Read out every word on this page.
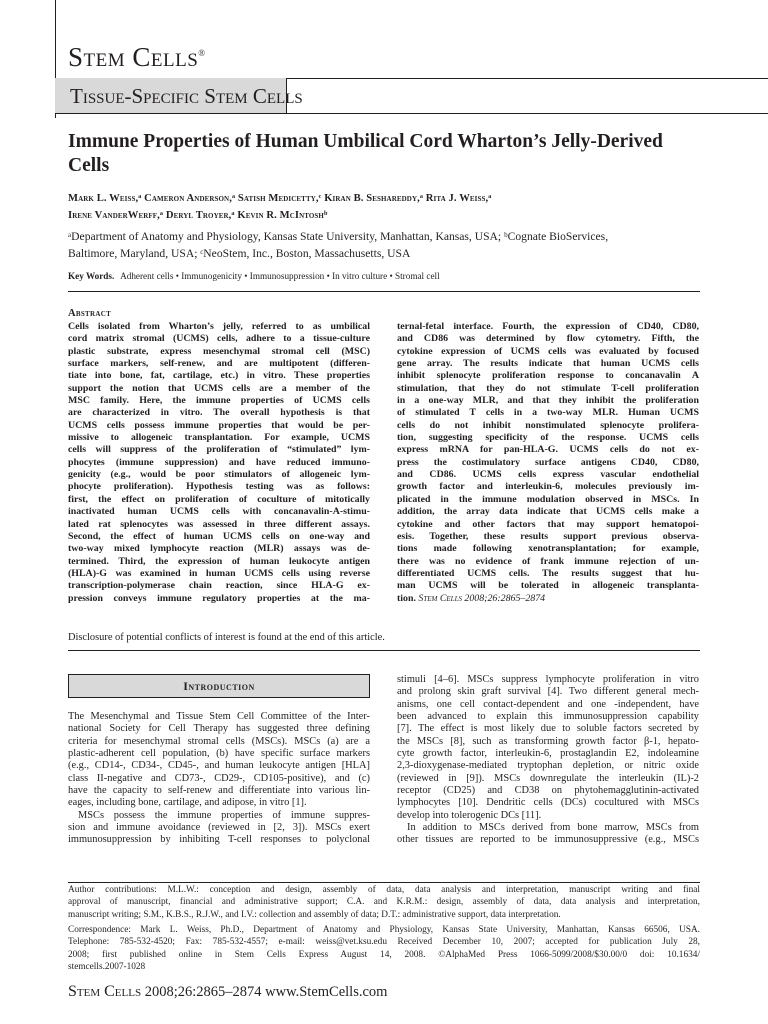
Stem Cells®
Tissue-Specific Stem Cells
Immune Properties of Human Umbilical Cord Wharton’s Jelly-Derived Cells
Mark L. Weiss,ᵃ Cameron Anderson,ᵃ Satish Medicetty,ᶜ Kiran B. Seshareddy,ᵃ Rita J. Weiss,ᵃ
Irene VanderWerff,ᵃ Deryl Troyer,ᵃ Kevin R. McIntoshᵇ
ᵃDepartment of Anatomy and Physiology, Kansas State University, Manhattan, Kansas, USA; ᵇCognate BioServices,
Baltimore, Maryland, USA; ᶜNeoStem, Inc., Boston, Massachusetts, USA
Key Words. Adherent cells • Immunogenicity • Immunosuppression • In vitro culture • Stromal cell
Abstract
Cells isolated from Wharton’s jelly, referred to as umbilical
cord matrix stromal (UCMS) cells, adhere to a tissue-culture
plastic substrate, express mesenchymal stromal cell (MSC)
surface markers, self-renew, and are multipotent (differen-
tiate into bone, fat, cartilage, etc.) in vitro. These properties
support the notion that UCMS cells are a member of the
MSC family. Here, the immune properties of UCMS cells
are characterized in vitro. The overall hypothesis is that
UCMS cells possess immune properties that would be per-
missive to allogeneic transplantation. For example, UCMS
cells will suppress of the proliferation of “stimulated” lym-
phocytes (immune suppression) and have reduced immuno-
genicity (e.g., would be poor stimulators of allogeneic lym-
phocyte proliferation). Hypothesis testing was as follows:
first, the effect on proliferation of coculture of mitotically
inactivated human UCMS cells with concanavalin-A-stimu-
lated rat splenocytes was assessed in three different assays.
Second, the effect of human UCMS cells on one-way and
two-way mixed lymphocyte reaction (MLR) assays was de-
termined. Third, the expression of human leukocyte antigen
(HLA)-G was examined in human UCMS cells using reverse
transcription-polymerase chain reaction, since HLA-G ex-
pression conveys immune regulatory properties at the ma-
ternal-fetal interface. Fourth, the expression of CD40, CD80,
and CD86 was determined by flow cytometry. Fifth, the
cytokine expression of UCMS cells was evaluated by focused
gene array. The results indicate that human UCMS cells
inhibit splenocyte proliferation response to concanavalin A
stimulation, that they do not stimulate T-cell proliferation
in a one-way MLR, and that they inhibit the proliferation
of stimulated T cells in a two-way MLR. Human UCMS
cells do not inhibit nonstimulated splenocyte prolifera-
tion, suggesting specificity of the response. UCMS cells
express mRNA for pan-HLA-G. UCMS cells do not ex-
press the costimulatory surface antigens CD40, CD80,
and CD86. UCMS cells express vascular endothelial
growth factor and interleukin-6, molecules previously im-
plicated in the immune modulation observed in MSCs. In
addition, the array data indicate that UCMS cells make a
cytokine and other factors that may support hematopoi-
esis. Together, these results support previous observa-
tions made following xenotransplantation; for example,
there was no evidence of frank immune rejection of un-
differentiated UCMS cells. The results suggest that hu-
man UCMS will be tolerated in allogeneic transplanta-
tion. Stem Cells 2008;26:2865–2874
Disclosure of potential conflicts of interest is found at the end of this article.
Introduction
The Mesenchymal and Tissue Stem Cell Committee of the Inter-
national Society for Cell Therapy has suggested three defining
criteria for mesenchymal stromal cells (MSCs). MSCs (a) are a
plastic-adherent cell population, (b) have specific surface markers
(e.g., CD14-, CD34-, CD45-, and human leukocyte antigen [HLA]
class II-negative and CD73-, CD29-, CD105-positive), and (c)
have the capacity to self-renew and differentiate into various lin-
eages, including bone, cartilage, and adipose, in vitro [1].
MSCs possess the immune properties of immune suppres-
sion and immune avoidance (reviewed in [2, 3]). MSCs exert
immunosuppression by inhibiting T-cell responses to polyclonal
stimuli [4–6]. MSCs suppress lymphocyte proliferation in vitro
and prolong skin graft survival [4]. Two different general mech-
anisms, one cell contact-dependent and one -independent, have
been advanced to explain this immunosuppression capability
[7]. The effect is most likely due to soluble factors secreted by
the MSCs [8], such as transforming growth factor β-1, hepato-
cyte growth factor, interleukin-6, prostaglandin E2, indoleamine
2,3-dioxygenase-mediated tryptophan depletion, or nitric oxide
(reviewed in [9]). MSCs downregulate the interleukin (IL)-2
receptor (CD25) and CD38 on phytohemagglutinin-activated
lymphocytes [10]. Dendritic cells (DCs) cocultured with MSCs
develop into tolerogenic DCs [11].
In addition to MSCs derived from bone marrow, MSCs from
other tissues are reported to be immunosuppressive (e.g., MSCs
Author contributions: M.L.W.: conception and design, assembly of data, data analysis and interpretation, manuscript writing and final
approval of manuscript, financial and administrative support; C.A. and K.R.M.: design, assembly of data, data analysis and interpretation,
manuscript writing; S.M., K.B.S., R.J.W., and I.V.: collection and assembly of data; D.T.: administrative support, data interpretation.
Correspondence: Mark L. Weiss, Ph.D., Department of Anatomy and Physiology, Kansas State University, Manhattan, Kansas 66506, USA.
Telephone: 785-532-4520; Fax: 785-532-4557; e-mail: weiss@vet.ksu.edu Received December 10, 2007; accepted for publication July 28,
2008; first published online in Stem Cells Express August 14, 2008. ©AlphaMed Press 1066-5099/2008/$30.00/0 doi: 10.1634/
stemcells.2007-1028
Stem Cells 2008;26:2865–2874 www.StemCells.com
